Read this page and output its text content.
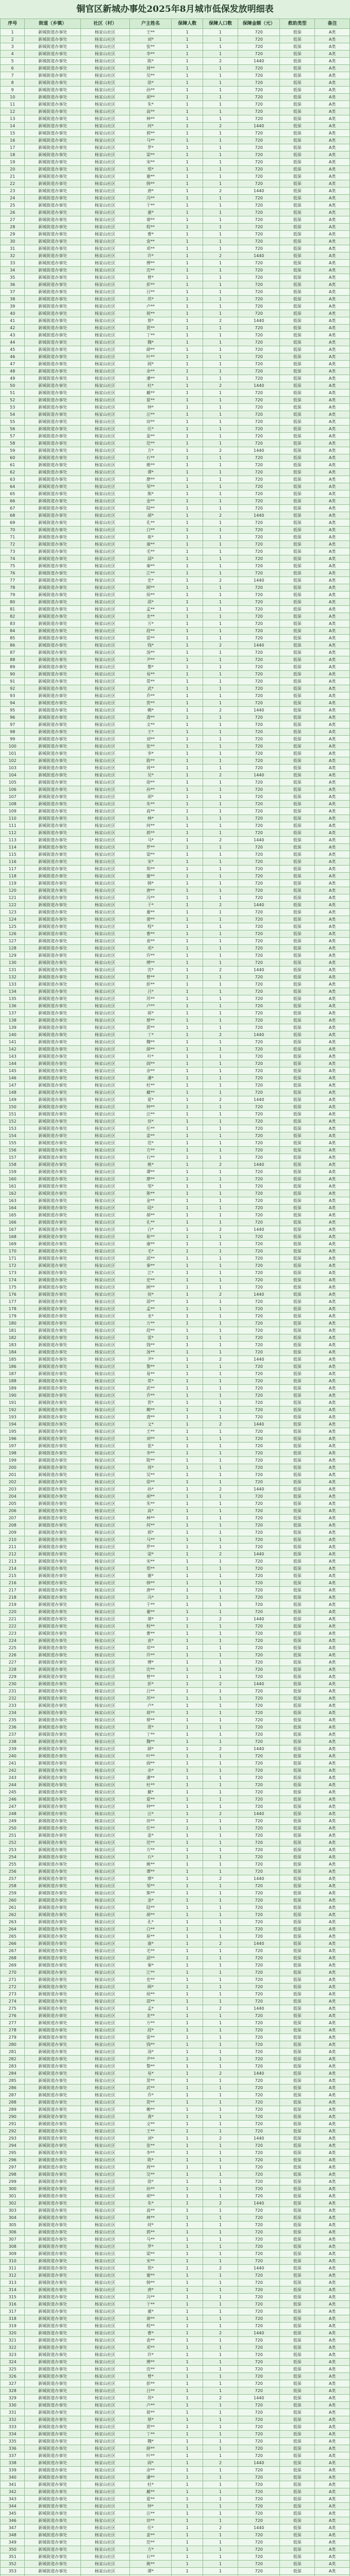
铜官区新城办事处2025年8月城市低保发放明细表
序号	街道（乡镇）	社区（村）	户主姓名	保障人数	保障人口数	保障金额（元）	救助类型	备注
1	新城街道办事处	杨家山社区	王**	1	1	720	低保	A类
2	新城街道办事处	杨家山社区	刘*	1	1	720	低保	A类
3	新城街道办事处	杨家山社区	张**	1	1	720	低保	A类
4	新城街道办事处	杨家山社区	李**	1	1	720	低保	A类
5	新城街道办事处	杨家山社区	陈*	1	2	1440	低保	A类
6	新城街道办事处	杨家山社区	周**	1	1	720	低保	A类
7	新城街道办事处	杨家山社区	吴**	1	1	720	低保	A类
8	新城街道办事处	杨家山社区	徐*	1	1	720	低保	A类
9	新城街道办事处	杨家山社区	孙**	1	1	720	低保	A类
10	新城街道办事处	杨家山社区	胡**	1	1	720	低保	A类
11	新城街道办事处	杨家山社区	朱*	1	1	720	低保	A类
12	新城街道办事处	杨家山社区	高**	1	1	720	低保	A类
13	新城街道办事处	杨家山社区	林**	1	1	720	低保	A类
14	新城街道办事处	杨家山社区	何*	1	2	1440	低保	A类
15	新城街道办事处	杨家山社区	郭**	1	1	720	低保	A类
16	新城街道办事处	杨家山社区	马**	1	1	720	低保	A类
17	新城街道办事处	杨家山社区	罗*	1	1	720	低保	A类
18	新城街道办事处	杨家山社区	梁**	1	1	720	低保	A类
19	新城街道办事处	杨家山社区	宋**	1	1	720	低保	A类
20	新城街道办事处	杨家山社区	郑*	1	1	720	低保	A类
21	新城街道办事处	杨家山社区	谢**	1	1	720	低保	A类
22	新城街道办事处	杨家山社区	韩**	1	1	720	低保	A类
23	新城街道办事处	杨家山社区	唐*	1	2	1440	低保	A类
24	新城街道办事处	杨家山社区	冯**	1	1	720	低保	A类
25	新城街道办事处	杨家山社区	于**	1	1	720	低保	A类
26	新城街道办事处	杨家山社区	董*	1	1	720	低保	A类
27	新城街道办事处	杨家山社区	萧**	1	1	720	低保	A类
28	新城街道办事处	杨家山社区	程**	1	1	720	低保	A类
29	新城街道办事处	杨家山社区	曹*	1	1	720	低保	A类
30	新城街道办事处	杨家山社区	袁**	1	1	720	低保	A类
31	新城街道办事处	杨家山社区	邓**	1	1	720	低保	A类
32	新城街道办事处	杨家山社区	许*	1	2	1440	低保	A类
33	新城街道办事处	杨家山社区	傅**	1	1	720	低保	A类
34	新城街道办事处	杨家山社区	沈**	1	1	720	低保	A类
35	新城街道办事处	杨家山社区	曾*	1	1	720	低保	A类
36	新城街道办事处	杨家山社区	彭**	1	1	720	低保	A类
37	新城街道办事处	杨家山社区	吕**	1	1	720	低保	A类
38	新城街道办事处	杨家山社区	苏*	1	1	720	低保	A类
39	新城街道办事处	杨家山社区	卢**	1	1	720	低保	A类
40	新城街道办事处	杨家山社区	蒋**	1	1	720	低保	A类
41	新城街道办事处	杨家山社区	蔡*	1	2	1440	低保	A类
42	新城街道办事处	杨家山社区	贾**	1	1	720	低保	A类
43	新城街道办事处	杨家山社区	丁**	1	1	720	低保	A类
44	新城街道办事处	杨家山社区	魏*	1	1	720	低保	A类
45	新城街道办事处	杨家山社区	薛**	1	1	720	低保	A类
46	新城街道办事处	杨家山社区	叶**	1	1	720	低保	A类
47	新城街道办事处	杨家山社区	阎*	1	1	720	低保	A类
48	新城街道办事处	杨家山社区	余**	1	1	720	低保	A类
49	新城街道办事处	杨家山社区	潘**	1	1	720	低保	A类
50	新城街道办事处	杨家山社区	杜*	1	2	1440	低保	A类
51	新城街道办事处	杨家山社区	戴**	1	1	720	低保	A类
52	新城街道办事处	杨家山社区	夏**	1	1	720	低保	A类
53	新城街道办事处	杨家山社区	钟*	1	1	720	低保	A类
54	新城街道办事处	杨家山社区	汪**	1	1	720	低保	A类
55	新城街道办事处	杨家山社区	田**	1	1	720	低保	A类
56	新城街道办事处	杨家山社区	任*	1	1	720	低保	A类
57	新城街道办事处	杨家山社区	姜**	1	1	720	低保	A类
58	新城街道办事处	杨家山社区	范**	1	1	720	低保	A类
59	新城街道办事处	杨家山社区	方*	1	2	1440	低保	A类
60	新城街道办事处	杨家山社区	石**	1	1	720	低保	A类
61	新城街道办事处	杨家山社区	姚**	1	1	720	低保	A类
62	新城街道办事处	杨家山社区	谭*	1	1	720	低保	A类
63	新城街道办事处	杨家山社区	廖**	1	1	720	低保	A类
64	新城街道办事处	杨家山社区	邹**	1	1	720	低保	A类
65	新城街道办事处	杨家山社区	熊*	1	1	720	低保	A类
66	新城街道办事处	杨家山社区	金**	1	1	720	低保	A类
67	新城街道办事处	杨家山社区	陆**	1	1	720	低保	A类
68	新城街道办事处	杨家山社区	郝*	1	2	1440	低保	A类
69	新城街道办事处	杨家山社区	孔**	1	1	720	低保	A类
70	新城街道办事处	杨家山社区	白**	1	1	720	低保	A类
71	新城街道办事处	杨家山社区	崔*	1	1	720	低保	A类
72	新城街道办事处	杨家山社区	康**	1	1	720	低保	A类
73	新城街道办事处	杨家山社区	毛**	1	1	720	低保	A类
74	新城街道办事处	杨家山社区	邱*	1	1	720	低保	A类
75	新城街道办事处	杨家山社区	秦**	1	1	720	低保	A类
76	新城街道办事处	杨家山社区	江**	1	1	720	低保	A类
77	新城街道办事处	杨家山社区	史*	1	2	1440	低保	A类
78	新城街道办事处	杨家山社区	顾**	1	1	720	低保	A类
79	新城街道办事处	杨家山社区	侯**	1	1	720	低保	A类
80	新城街道办事处	杨家山社区	邵*	1	1	720	低保	A类
81	新城街道办事处	杨家山社区	孟**	1	1	720	低保	A类
82	新城街道办事处	杨家山社区	龙**	1	1	720	低保	A类
83	新城街道办事处	杨家山社区	万*	1	1	720	低保	A类
84	新城街道办事处	杨家山社区	段**	1	1	720	低保	A类
85	新城街道办事处	杨家山社区	雷**	1	1	720	低保	A类
86	新城街道办事处	杨家山社区	钱*	1	2	1440	低保	A类
87	新城街道办事处	杨家山社区	汤**	1	1	720	低保	A类
88	新城街道办事处	杨家山社区	尹**	1	1	720	低保	A类
89	新城街道办事处	杨家山社区	黎*	1	1	720	低保	A类
90	新城街道办事处	杨家山社区	易**	1	1	720	低保	A类
91	新城街道办事处	杨家山社区	常**	1	1	720	低保	A类
92	新城街道办事处	杨家山社区	武*	1	1	720	低保	A类
93	新城街道办事处	杨家山社区	乔**	1	1	720	低保	A类
94	新城街道办事处	杨家山社区	贺**	1	1	720	低保	A类
95	新城街道办事处	杨家山社区	赖*	1	2	1440	低保	A类
96	新城街道办事处	杨家山社区	龚**	1	1	720	低保	A类
97	新城街道办事处	杨家山社区	文**	1	1	720	低保	A类
98	新城街道办事处	杨家山社区	王*	1	1	720	低保	A类
99	新城街道办事处	杨家山社区	刘**	1	1	720	低保	A类
100	新城街道办事处	杨家山社区	张**	1	1	720	低保	A类
101	新城街道办事处	杨家山社区	李*	1	1	720	低保	A类
102	新城街道办事处	杨家山社区	陈**	1	1	720	低保	A类
103	新城街道办事处	杨家山社区	周**	1	1	720	低保	A类
104	新城街道办事处	杨家山社区	吴*	1	2	1440	低保	A类
105	新城街道办事处	杨家山社区	徐**	1	1	720	低保	A类
106	新城街道办事处	杨家山社区	孙**	1	1	720	低保	A类
107	新城街道办事处	杨家山社区	胡*	1	1	720	低保	A类
108	新城街道办事处	杨家山社区	朱**	1	1	720	低保	A类
109	新城街道办事处	杨家山社区	高**	1	1	720	低保	A类
110	新城街道办事处	杨家山社区	林*	1	1	720	低保	A类
111	新城街道办事处	杨家山社区	何**	1	1	720	低保	A类
112	新城街道办事处	杨家山社区	郭**	1	1	720	低保	A类
113	新城街道办事处	杨家山社区	马*	1	2	1440	低保	A类
114	新城街道办事处	杨家山社区	罗**	1	1	720	低保	A类
115	新城街道办事处	杨家山社区	梁**	1	1	720	低保	A类
116	新城街道办事处	杨家山社区	宋*	1	1	720	低保	A类
117	新城街道办事处	杨家山社区	郑**	1	1	720	低保	A类
118	新城街道办事处	杨家山社区	谢**	1	1	720	低保	A类
119	新城街道办事处	杨家山社区	韩*	1	1	720	低保	A类
120	新城街道办事处	杨家山社区	唐**	1	1	720	低保	A类
121	新城街道办事处	杨家山社区	冯**	1	1	720	低保	A类
122	新城街道办事处	杨家山社区	于*	1	2	1440	低保	A类
123	新城街道办事处	杨家山社区	董**	1	1	720	低保	A类
124	新城街道办事处	杨家山社区	萧**	1	1	720	低保	A类
125	新城街道办事处	杨家山社区	程*	1	1	720	低保	A类
126	新城街道办事处	杨家山社区	曹**	1	1	720	低保	A类
127	新城街道办事处	杨家山社区	袁**	1	1	720	低保	A类
128	新城街道办事处	杨家山社区	邓*	1	1	720	低保	A类
129	新城街道办事处	杨家山社区	许**	1	1	720	低保	A类
130	新城街道办事处	杨家山社区	傅**	1	1	720	低保	A类
131	新城街道办事处	杨家山社区	沈*	1	2	1440	低保	A类
132	新城街道办事处	杨家山社区	曾**	1	1	720	低保	A类
133	新城街道办事处	杨家山社区	彭**	1	1	720	低保	A类
134	新城街道办事处	杨家山社区	吕*	1	1	720	低保	A类
135	新城街道办事处	杨家山社区	苏**	1	1	720	低保	A类
136	新城街道办事处	杨家山社区	卢**	1	1	720	低保	A类
137	新城街道办事处	杨家山社区	蒋*	1	1	720	低保	A类
138	新城街道办事处	杨家山社区	蔡**	1	1	720	低保	A类
139	新城街道办事处	杨家山社区	贾**	1	1	720	低保	A类
140	新城街道办事处	杨家山社区	丁*	1	2	1440	低保	A类
141	新城街道办事处	杨家山社区	魏**	1	1	720	低保	A类
142	新城街道办事处	杨家山社区	薛**	1	1	720	低保	A类
143	新城街道办事处	杨家山社区	叶*	1	1	720	低保	A类
144	新城街道办事处	杨家山社区	阎**	1	1	720	低保	A类
145	新城街道办事处	杨家山社区	余**	1	1	720	低保	A类
146	新城街道办事处	杨家山社区	潘*	1	1	720	低保	A类
147	新城街道办事处	杨家山社区	杜**	1	1	720	低保	A类
148	新城街道办事处	杨家山社区	戴**	1	1	720	低保	A类
149	新城街道办事处	杨家山社区	夏*	1	2	1440	低保	A类
150	新城街道办事处	杨家山社区	钟**	1	1	720	低保	A类
151	新城街道办事处	杨家山社区	汪**	1	1	720	低保	A类
152	新城街道办事处	杨家山社区	田*	1	1	720	低保	A类
153	新城街道办事处	杨家山社区	任**	1	1	720	低保	A类
154	新城街道办事处	杨家山社区	姜**	1	1	720	低保	A类
155	新城街道办事处	杨家山社区	范*	1	1	720	低保	A类
156	新城街道办事处	杨家山社区	方**	1	1	720	低保	A类
157	新城街道办事处	杨家山社区	石**	1	1	720	低保	A类
158	新城街道办事处	杨家山社区	姚*	1	2	1440	低保	A类
159	新城街道办事处	杨家山社区	谭**	1	1	720	低保	A类
160	新城街道办事处	杨家山社区	廖**	1	1	720	低保	A类
161	新城街道办事处	杨家山社区	邹*	1	1	720	低保	A类
162	新城街道办事处	杨家山社区	熊**	1	1	720	低保	A类
163	新城街道办事处	杨家山社区	金**	1	1	720	低保	A类
164	新城街道办事处	杨家山社区	陆*	1	1	720	低保	A类
165	新城街道办事处	杨家山社区	郝**	1	1	720	低保	A类
166	新城街道办事处	杨家山社区	孔**	1	1	720	低保	A类
167	新城街道办事处	杨家山社区	白*	1	2	1440	低保	A类
168	新城街道办事处	杨家山社区	崔**	1	1	720	低保	A类
169	新城街道办事处	杨家山社区	康**	1	1	720	低保	A类
170	新城街道办事处	杨家山社区	毛*	1	1	720	低保	A类
171	新城街道办事处	杨家山社区	邱**	1	1	720	低保	A类
172	新城街道办事处	杨家山社区	秦**	1	1	720	低保	A类
173	新城街道办事处	杨家山社区	江*	1	1	720	低保	A类
174	新城街道办事处	杨家山社区	史**	1	1	720	低保	A类
175	新城街道办事处	杨家山社区	顾**	1	1	720	低保	A类
176	新城街道办事处	杨家山社区	侯*	1	2	1440	低保	A类
177	新城街道办事处	杨家山社区	邵**	1	1	720	低保	A类
178	新城街道办事处	杨家山社区	孟**	1	1	720	低保	A类
179	新城街道办事处	杨家山社区	龙*	1	1	720	低保	A类
180	新城街道办事处	杨家山社区	万**	1	1	720	低保	A类
181	新城街道办事处	杨家山社区	段**	1	1	720	低保	A类
182	新城街道办事处	杨家山社区	雷*	1	1	720	低保	A类
183	新城街道办事处	杨家山社区	钱**	1	1	720	低保	A类
184	新城街道办事处	杨家山社区	汤**	1	1	720	低保	A类
185	新城街道办事处	杨家山社区	尹*	1	2	1440	低保	A类
186	新城街道办事处	杨家山社区	黎**	1	1	720	低保	A类
187	新城街道办事处	杨家山社区	易**	1	1	720	低保	A类
188	新城街道办事处	杨家山社区	常*	1	1	720	低保	A类
189	新城街道办事处	杨家山社区	武**	1	1	720	低保	A类
190	新城街道办事处	杨家山社区	乔**	1	1	720	低保	A类
191	新城街道办事处	杨家山社区	贺*	1	1	720	低保	A类
192	新城街道办事处	杨家山社区	赖**	1	1	720	低保	A类
193	新城街道办事处	杨家山社区	龚**	1	1	720	低保	A类
194	新城街道办事处	杨家山社区	文*	1	2	1440	低保	A类
195	新城街道办事处	杨家山社区	王**	1	1	720	低保	A类
196	新城街道办事处	杨家山社区	刘**	1	1	720	低保	A类
197	新城街道办事处	杨家山社区	张*	1	1	720	低保	A类
198	新城街道办事处	杨家山社区	李**	1	1	720	低保	A类
199	新城街道办事处	杨家山社区	陈**	1	1	720	低保	A类
200	新城街道办事处	杨家山社区	周*	1	1	720	低保	A类
201	新城街道办事处	杨家山社区	吴**	1	1	720	低保	A类
202	新城街道办事处	杨家山社区	徐**	1	1	720	低保	A类
203	新城街道办事处	杨家山社区	孙*	1	2	1440	低保	A类
204	新城街道办事处	杨家山社区	胡**	1	1	720	低保	A类
205	新城街道办事处	杨家山社区	朱**	1	1	720	低保	A类
206	新城街道办事处	杨家山社区	高*	1	1	720	低保	A类
207	新城街道办事处	杨家山社区	林**	1	1	720	低保	A类
208	新城街道办事处	杨家山社区	何**	1	1	720	低保	A类
209	新城街道办事处	杨家山社区	郭*	1	1	720	低保	A类
210	新城街道办事处	杨家山社区	马**	1	1	720	低保	A类
211	新城街道办事处	杨家山社区	罗**	1	1	720	低保	A类
212	新城街道办事处	杨家山社区	梁*	1	2	1440	低保	A类
213	新城街道办事处	杨家山社区	宋**	1	1	720	低保	A类
214	新城街道办事处	杨家山社区	郑**	1	1	720	低保	A类
215	新城街道办事处	杨家山社区	谢*	1	1	720	低保	A类
216	新城街道办事处	杨家山社区	韩**	1	1	720	低保	A类
217	新城街道办事处	杨家山社区	唐**	1	1	720	低保	A类
218	新城街道办事处	杨家山社区	冯*	1	1	720	低保	A类
219	新城街道办事处	杨家山社区	于**	1	1	720	低保	A类
220	新城街道办事处	杨家山社区	董**	1	1	720	低保	A类
221	新城街道办事处	杨家山社区	萧*	1	2	1440	低保	A类
222	新城街道办事处	杨家山社区	程**	1	1	720	低保	A类
223	新城街道办事处	杨家山社区	曹**	1	1	720	低保	A类
224	新城街道办事处	杨家山社区	袁*	1	1	720	低保	A类
225	新城街道办事处	杨家山社区	邓**	1	1	720	低保	A类
226	新城街道办事处	杨家山社区	许**	1	1	720	低保	A类
227	新城街道办事处	杨家山社区	傅*	1	1	720	低保	A类
228	新城街道办事处	杨家山社区	沈**	1	1	720	低保	A类
229	新城街道办事处	杨家山社区	曾**	1	1	720	低保	A类
230	新城街道办事处	杨家山社区	彭*	1	2	1440	低保	A类
231	新城街道办事处	杨家山社区	吕**	1	1	720	低保	A类
232	新城街道办事处	杨家山社区	苏**	1	1	720	低保	A类
233	新城街道办事处	杨家山社区	卢*	1	1	720	低保	A类
234	新城街道办事处	杨家山社区	蒋**	1	1	720	低保	A类
235	新城街道办事处	杨家山社区	蔡**	1	1	720	低保	A类
236	新城街道办事处	杨家山社区	贾*	1	1	720	低保	A类
237	新城街道办事处	杨家山社区	丁**	1	1	720	低保	A类
238	新城街道办事处	杨家山社区	魏**	1	1	720	低保	A类
239	新城街道办事处	杨家山社区	薛*	1	2	1440	低保	A类
240	新城街道办事处	杨家山社区	叶**	1	1	720	低保	A类
241	新城街道办事处	杨家山社区	阎**	1	1	720	低保	A类
242	新城街道办事处	杨家山社区	余*	1	1	720	低保	A类
243	新城街道办事处	杨家山社区	潘**	1	1	720	低保	A类
244	新城街道办事处	杨家山社区	杜**	1	1	720	低保	A类
245	新城街道办事处	杨家山社区	戴*	1	1	720	低保	A类
246	新城街道办事处	杨家山社区	夏**	1	1	720	低保	A类
247	新城街道办事处	杨家山社区	钟**	1	1	720	低保	A类
248	新城街道办事处	杨家山社区	汪*	1	2	1440	低保	A类
249	新城街道办事处	杨家山社区	田**	1	1	720	低保	A类
250	新城街道办事处	杨家山社区	任**	1	1	720	低保	A类
251	新城街道办事处	杨家山社区	姜*	1	1	720	低保	A类
252	新城街道办事处	杨家山社区	范**	1	1	720	低保	A类
253	新城街道办事处	杨家山社区	方**	1	1	720	低保	A类
254	新城街道办事处	杨家山社区	石*	1	1	720	低保	A类
255	新城街道办事处	杨家山社区	姚**	1	1	720	低保	A类
256	新城街道办事处	杨家山社区	谭**	1	1	720	低保	A类
257	新城街道办事处	杨家山社区	廖*	1	2	1440	低保	A类
258	新城街道办事处	杨家山社区	邹**	1	1	720	低保	A类
259	新城街道办事处	杨家山社区	熊**	1	1	720	低保	A类
260	新城街道办事处	杨家山社区	金*	1	1	720	低保	A类
261	新城街道办事处	杨家山社区	陆**	1	1	720	低保	A类
262	新城街道办事处	杨家山社区	郝**	1	1	720	低保	A类
263	新城街道办事处	杨家山社区	孔*	1	1	720	低保	A类
264	新城街道办事处	杨家山社区	白**	1	1	720	低保	A类
265	新城街道办事处	杨家山社区	崔**	1	1	720	低保	A类
266	新城街道办事处	杨家山社区	康*	1	2	1440	低保	A类
267	新城街道办事处	杨家山社区	毛**	1	1	720	低保	A类
268	新城街道办事处	杨家山社区	邱**	1	1	720	低保	A类
269	新城街道办事处	杨家山社区	秦*	1	1	720	低保	A类
270	新城街道办事处	杨家山社区	江**	1	1	720	低保	A类
271	新城街道办事处	杨家山社区	史**	1	1	720	低保	A类
272	新城街道办事处	杨家山社区	顾*	1	1	720	低保	A类
273	新城街道办事处	杨家山社区	侯**	1	1	720	低保	A类
274	新城街道办事处	杨家山社区	邵**	1	1	720	低保	A类
275	新城街道办事处	杨家山社区	孟*	1	2	1440	低保	A类
276	新城街道办事处	杨家山社区	龙**	1	1	720	低保	A类
277	新城街道办事处	杨家山社区	万**	1	1	720	低保	A类
278	新城街道办事处	杨家山社区	段*	1	1	720	低保	A类
279	新城街道办事处	杨家山社区	雷**	1	1	720	低保	A类
280	新城街道办事处	杨家山社区	钱**	1	1	720	低保	A类
281	新城街道办事处	杨家山社区	汤*	1	1	720	低保	A类
282	新城街道办事处	杨家山社区	尹**	1	1	720	低保	A类
283	新城街道办事处	杨家山社区	黎**	1	1	720	低保	A类
284	新城街道办事处	杨家山社区	易*	1	2	1440	低保	A类
285	新城街道办事处	杨家山社区	常**	1	1	720	低保	A类
286	新城街道办事处	杨家山社区	武**	1	1	720	低保	A类
287	新城街道办事处	杨家山社区	乔*	1	1	720	低保	A类
288	新城街道办事处	杨家山社区	贺**	1	1	720	低保	A类
289	新城街道办事处	杨家山社区	赖**	1	1	720	低保	A类
290	新城街道办事处	杨家山社区	龚*	1	1	720	低保	A类
291	新城街道办事处	杨家山社区	文**	1	1	720	低保	A类
292	新城街道办事处	杨家山社区	王**	1	1	720	低保	A类
293	新城街道办事处	杨家山社区	刘*	1	2	1440	低保	A类
294	新城街道办事处	杨家山社区	张**	1	1	720	低保	A类
295	新城街道办事处	杨家山社区	李**	1	1	720	低保	A类
296	新城街道办事处	杨家山社区	陈*	1	1	720	低保	A类
297	新城街道办事处	杨家山社区	周**	1	1	720	低保	A类
298	新城街道办事处	杨家山社区	吴**	1	1	720	低保	A类
299	新城街道办事处	杨家山社区	徐*	1	1	720	低保	A类
300	新城街道办事处	杨家山社区	孙**	1	1	720	低保	A类
301	新城街道办事处	杨家山社区	胡**	1	1	720	低保	A类
302	新城街道办事处	杨家山社区	朱*	1	2	1440	低保	A类
303	新城街道办事处	杨家山社区	高**	1	1	720	低保	A类
304	新城街道办事处	杨家山社区	林**	1	1	720	低保	A类
305	新城街道办事处	杨家山社区	何*	1	1	720	低保	A类
306	新城街道办事处	杨家山社区	郭**	1	1	720	低保	A类
307	新城街道办事处	杨家山社区	马**	1	1	720	低保	A类
308	新城街道办事处	杨家山社区	罗*	1	1	720	低保	A类
309	新城街道办事处	杨家山社区	梁**	1	1	720	低保	A类
310	新城街道办事处	杨家山社区	宋**	1	1	720	低保	A类
311	新城街道办事处	杨家山社区	郑*	1	2	1440	低保	A类
312	新城街道办事处	杨家山社区	谢**	1	1	720	低保	A类
313	新城街道办事处	杨家山社区	韩**	1	1	720	低保	A类
314	新城街道办事处	杨家山社区	唐*	1	1	720	低保	A类
315	新城街道办事处	杨家山社区	冯**	1	1	720	低保	A类
316	新城街道办事处	杨家山社区	于**	1	1	720	低保	A类
317	新城街道办事处	杨家山社区	董*	1	1	720	低保	A类
318	新城街道办事处	杨家山社区	萧**	1	1	720	低保	A类
319	新城街道办事处	杨家山社区	程**	1	1	720	低保	A类
320	新城街道办事处	杨家山社区	曹*	1	2	1440	低保	A类
321	新城街道办事处	杨家山社区	袁**	1	1	720	低保	A类
322	新城街道办事处	杨家山社区	邓**	1	1	720	低保	A类
323	新城街道办事处	杨家山社区	许*	1	1	720	低保	A类
324	新城街道办事处	杨家山社区	傅**	1	1	720	低保	A类
325	新城街道办事处	杨家山社区	沈**	1	1	720	低保	A类
326	新城街道办事处	杨家山社区	曾*	1	1	720	低保	A类
327	新城街道办事处	杨家山社区	彭**	1	1	720	低保	A类
328	新城街道办事处	杨家山社区	吕**	1	1	720	低保	A类
329	新城街道办事处	杨家山社区	苏*	1	2	1440	低保	A类
330	新城街道办事处	杨家山社区	卢**	1	1	720	低保	A类
331	新城街道办事处	杨家山社区	蒋**	1	1	720	低保	A类
332	新城街道办事处	杨家山社区	蔡*	1	1	720	低保	A类
333	新城街道办事处	杨家山社区	贾**	1	1	720	低保	A类
334	新城街道办事处	杨家山社区	丁**	1	1	720	低保	A类
335	新城街道办事处	杨家山社区	魏*	1	1	720	低保	A类
336	新城街道办事处	杨家山社区	薛**	1	1	720	低保	A类
337	新城街道办事处	杨家山社区	叶**	1	1	720	低保	A类
338	新城街道办事处	杨家山社区	阎*	1	2	1440	低保	A类
339	新城街道办事处	杨家山社区	余**	1	1	720	低保	A类
340	新城街道办事处	杨家山社区	潘**	1	1	720	低保	A类
341	新城街道办事处	杨家山社区	杜*	1	1	720	低保	A类
342	新城街道办事处	杨家山社区	戴**	1	1	720	低保	A类
343	新城街道办事处	杨家山社区	夏**	1	1	720	低保	A类
344	新城街道办事处	杨家山社区	钟*	1	1	720	低保	A类
345	新城街道办事处	杨家山社区	汪**	1	1	720	低保	A类
346	新城街道办事处	杨家山社区	田**	1	1	720	低保	A类
347	新城街道办事处	杨家山社区	任*	1	2	1440	低保	A类
348	新城街道办事处	杨家山社区	姜**	1	1	720	低保	A类
349	新城街道办事处	杨家山社区	范**	1	1	720	低保	A类
350	新城街道办事处	杨家山社区	方*	1	1	720	低保	A类
351	新城街道办事处	杨家山社区	石**	1	1	720	低保	A类
352	新城街道办事处	杨家山社区	姚**	1	1	720	低保	A类
353	新城街道办事处	杨家山社区	谭*	1	1	720	低保	A类
